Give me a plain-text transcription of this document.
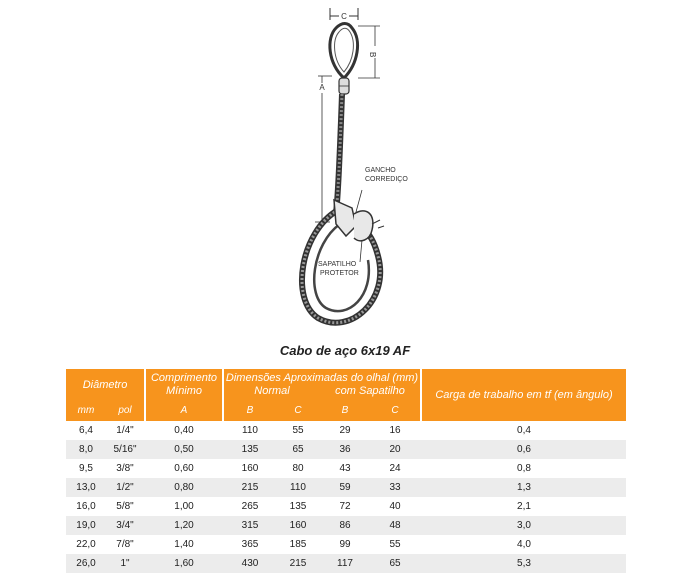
C
B
A
GANCHO
CORREDIÇO
SAPATILHO
PROTETOR
Cabo de aço 6x19 AF
Diâmetro
mm	pol
Comprimento
Mínimo
A
Dimensões Aproximadas do olhal (mm)
Normal	com Sapatilho
B	C	B	C
Carga de trabalho em tf (em ângulo)
6,4	1/4"	0,40	110	55	29	16	0,4
8,0	5/16"	0,50	135	65	36	20	0,6
9,5	3/8"	0,60	160	80	43	24	0,8
13,0	1/2"	0,80	215	110	59	33	1,3
16,0	5/8"	1,00	265	135	72	40	2,1
19,0	3/4"	1,20	315	160	86	48	3,0
22,0	7/8"	1,40	365	185	99	55	4,0
26,0	1"	1,60	430	215	117	65	5,3
